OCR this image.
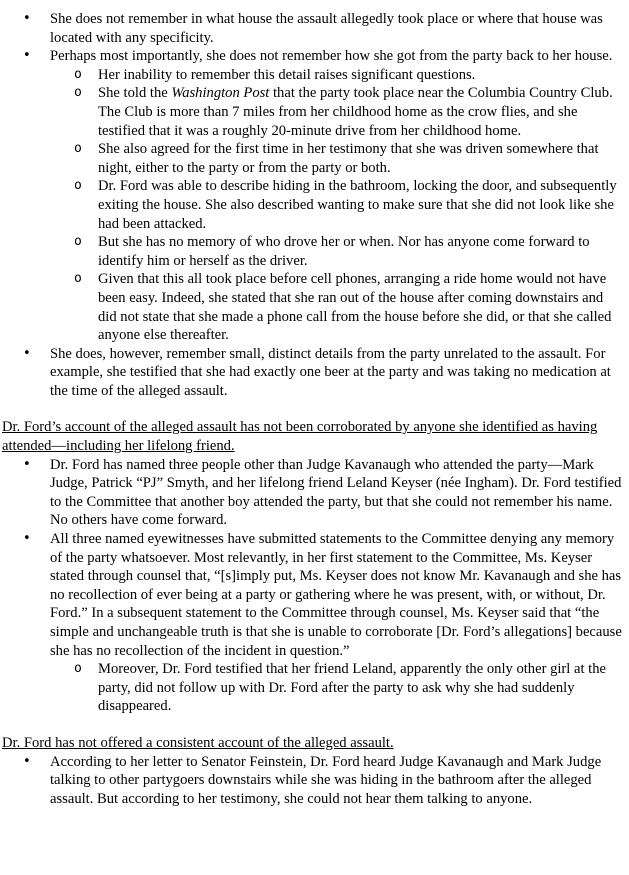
• She does not remember in what house the assault allegedly took place or where that house was located with any specificity.
• Perhaps most importantly, she does not remember how she got from the party back to her house.
o Her inability to remember this detail raises significant questions.
o She told the Washington Post that the party took place near the Columbia Country Club. The Club is more than 7 miles from her childhood home as the crow flies, and she testified that it was a roughly 20-minute drive from her childhood home.
o She also agreed for the first time in her testimony that she was driven somewhere that night, either to the party or from the party or both.
o Dr. Ford was able to describe hiding in the bathroom, locking the door, and subsequently exiting the house. She also described wanting to make sure that she did not look like she had been attacked.
o But she has no memory of who drove her or when. Nor has anyone come forward to identify him or herself as the driver.
o Given that this all took place before cell phones, arranging a ride home would not have been easy. Indeed, she stated that she ran out of the house after coming downstairs and did not state that she made a phone call from the house before she did, or that she called anyone else thereafter.
• She does, however, remember small, distinct details from the party unrelated to the assault. For example, she testified that she had exactly one beer at the party and was taking no medication at the time of the alleged assault.

Dr. Ford’s account of the alleged assault has not been corroborated by anyone she identified as having attended—including her lifelong friend.

• Dr. Ford has named three people other than Judge Kavanaugh who attended the party—Mark Judge, Patrick “PJ” Smyth, and her lifelong friend Leland Keyser (née Ingham). Dr. Ford testified to the Committee that another boy attended the party, but that she could not remember his name. No others have come forward.
• All three named eyewitnesses have submitted statements to the Committee denying any memory of the party whatsoever. Most relevantly, in her first statement to the Committee, Ms. Keyser stated through counsel that, “[s]imply put, Ms. Keyser does not know Mr. Kavanaugh and she has no recollection of ever being at a party or gathering where he was present, with, or without, Dr. Ford.” In a subsequent statement to the Committee through counsel, Ms. Keyser said that “the simple and unchangeable truth is that she is unable to corroborate [Dr. Ford’s allegations] because she has no recollection of the incident in question.”
o Moreover, Dr. Ford testified that her friend Leland, apparently the only other girl at the party, did not follow up with Dr. Ford after the party to ask why she had suddenly disappeared.

Dr. Ford has not offered a consistent account of the alleged assault.

• According to her letter to Senator Feinstein, Dr. Ford heard Judge Kavanaugh and Mark Judge talking to other partygoers downstairs while she was hiding in the bathroom after the alleged assault. But according to her testimony, she could not hear them talking to anyone.
